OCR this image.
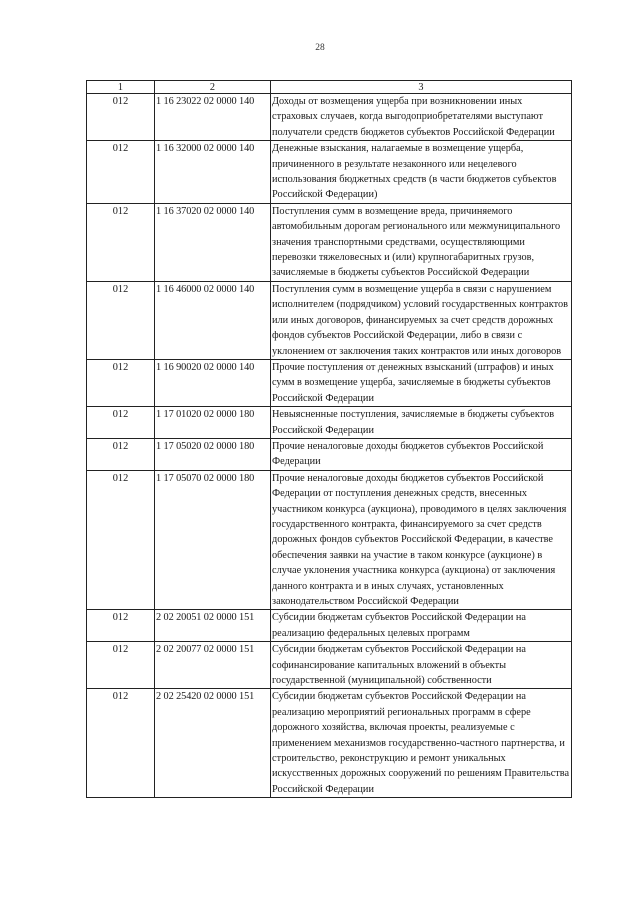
28
1	2	3
012	1 16 23022 02 0000 140	Доходы от возмещения ущерба при возникновении иных страховых случаев, когда выгодоприобретателями выступают получатели средств бюджетов субъектов Российской Федерации
012	1 16 32000 02 0000 140	Денежные взыскания, налагаемые в возмещение ущерба, причиненного в результате незаконного или нецелевого использования бюджетных средств (в части бюджетов субъектов Российской Федерации)
012	1 16 37020 02 0000 140	Поступления сумм в возмещение вреда, причиняемого автомобильным дорогам регионального или межмуниципального значения транспортными средствами, осуществляющими перевозки тяжеловесных и (или) крупногабаритных грузов, зачисляемые в бюджеты субъектов Российской Федерации
012	1 16 46000 02 0000 140	Поступления сумм в возмещение ущерба в связи с нарушением исполнителем (подрядчиком) условий государственных контрактов или иных договоров, финансируемых за счет средств дорожных фондов субъектов Российской Федерации, либо в связи с уклонением от заключения таких контрактов или иных договоров
012	1 16 90020 02 0000 140	Прочие поступления от денежных взысканий (штрафов) и иных сумм в возмещение ущерба, зачисляемые в бюджеты субъектов Российской Федерации
012	1 17 01020 02 0000 180	Невыясненные поступления, зачисляемые в бюджеты субъектов Российской Федерации
012	1 17 05020 02 0000 180	Прочие неналоговые доходы бюджетов субъектов Российской Федерации
012	1 17 05070 02 0000 180	Прочие неналоговые доходы бюджетов субъектов Российской Федерации от поступления денежных средств, внесенных участником конкурса (аукциона), проводимого в целях заключения государственного контракта, финансируемого за счет средств дорожных фондов субъектов Российской Федерации, в качестве обеспечения заявки на участие в таком конкурсе (аукционе) в случае уклонения участника конкурса (аукциона) от заключения данного контракта и в иных случаях, установленных законодательством Российской Федерации
012	2 02 20051 02 0000 151	Субсидии бюджетам субъектов Российской Федерации на реализацию федеральных целевых программ
012	2 02 20077 02 0000 151	Субсидии бюджетам субъектов Российской Федерации на софинансирование капитальных вложений в объекты государственной (муниципальной) собственности
012	2 02 25420 02 0000 151	Субсидии бюджетам субъектов Российской Федерации на реализацию мероприятий региональных программ в сфере дорожного хозяйства, включая проекты, реализуемые с применением механизмов государственно-частного партнерства, и строительство, реконструкцию и ремонт уникальных искусственных дорожных сооружений по решениям Правительства Российской Федерации
